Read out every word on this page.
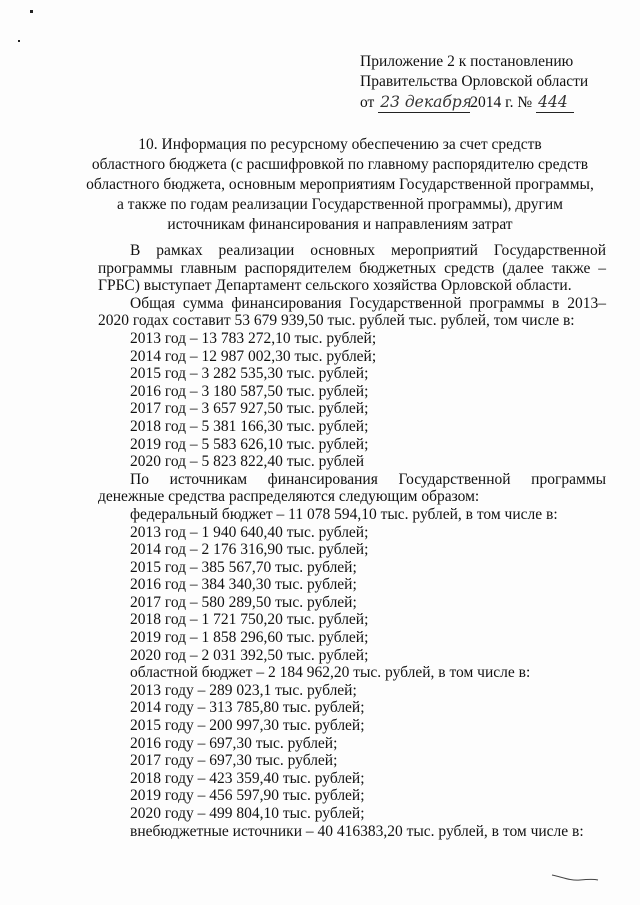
Приложение 2 к постановлению
Правительства Орловской области
от 23 декабря2014 г. № 444
10. Информация по ресурсному обеспечению за счет средств
областного бюджета (с расшифровкой по главному распорядителю средств
областного бюджета, основным мероприятиям Государственной программы,
а также по годам реализации Государственной программы), другим
источникам финансирования и направлениям затрат
В рамках реализации основных мероприятий Государственной
программы главным распорядителем бюджетных средств (далее также –
ГРБС) выступает Департамент сельского хозяйства Орловской области.
Общая сумма финансирования Государственной программы в 2013–
2020 годах составит 53 679 939,50 тыс. рублей тыс. рублей, том числе в:
2013 год – 13 783 272,10 тыс. рублей;
2014 год – 12 987 002,30 тыс. рублей;
2015 год – 3 282 535,30 тыс. рублей;
2016 год – 3 180 587,50 тыс. рублей;
2017 год – 3 657 927,50 тыс. рублей;
2018 год – 5 381 166,30 тыс. рублей;
2019 год – 5 583 626,10 тыс. рублей;
2020 год – 5 823 822,40 тыс. рублей
По источникам финансирования Государственной программы
денежные средства распределяются следующим образом:
федеральный бюджет – 11 078 594,10 тыс. рублей, в том числе в:
2013 год – 1 940 640,40 тыс. рублей;
2014 год – 2 176 316,90 тыс. рублей;
2015 год – 385 567,70 тыс. рублей;
2016 год – 384 340,30 тыс. рублей;
2017 год – 580 289,50 тыс. рублей;
2018 год – 1 721 750,20 тыс. рублей;
2019 год – 1 858 296,60 тыс. рублей;
2020 год – 2 031 392,50 тыс. рублей;
областной бюджет – 2 184 962,20 тыс. рублей, в том числе в:
2013 году – 289 023,1 тыс. рублей;
2014 году – 313 785,80 тыс. рублей;
2015 году – 200 997,30 тыс. рублей;
2016 году – 697,30 тыс. рублей;
2017 году – 697,30 тыс. рублей;
2018 году – 423 359,40 тыс. рублей;
2019 году – 456 597,90 тыс. рублей;
2020 году – 499 804,10 тыс. рублей;
внебюджетные источники – 40 416383,20 тыс. рублей, в том числе в:
